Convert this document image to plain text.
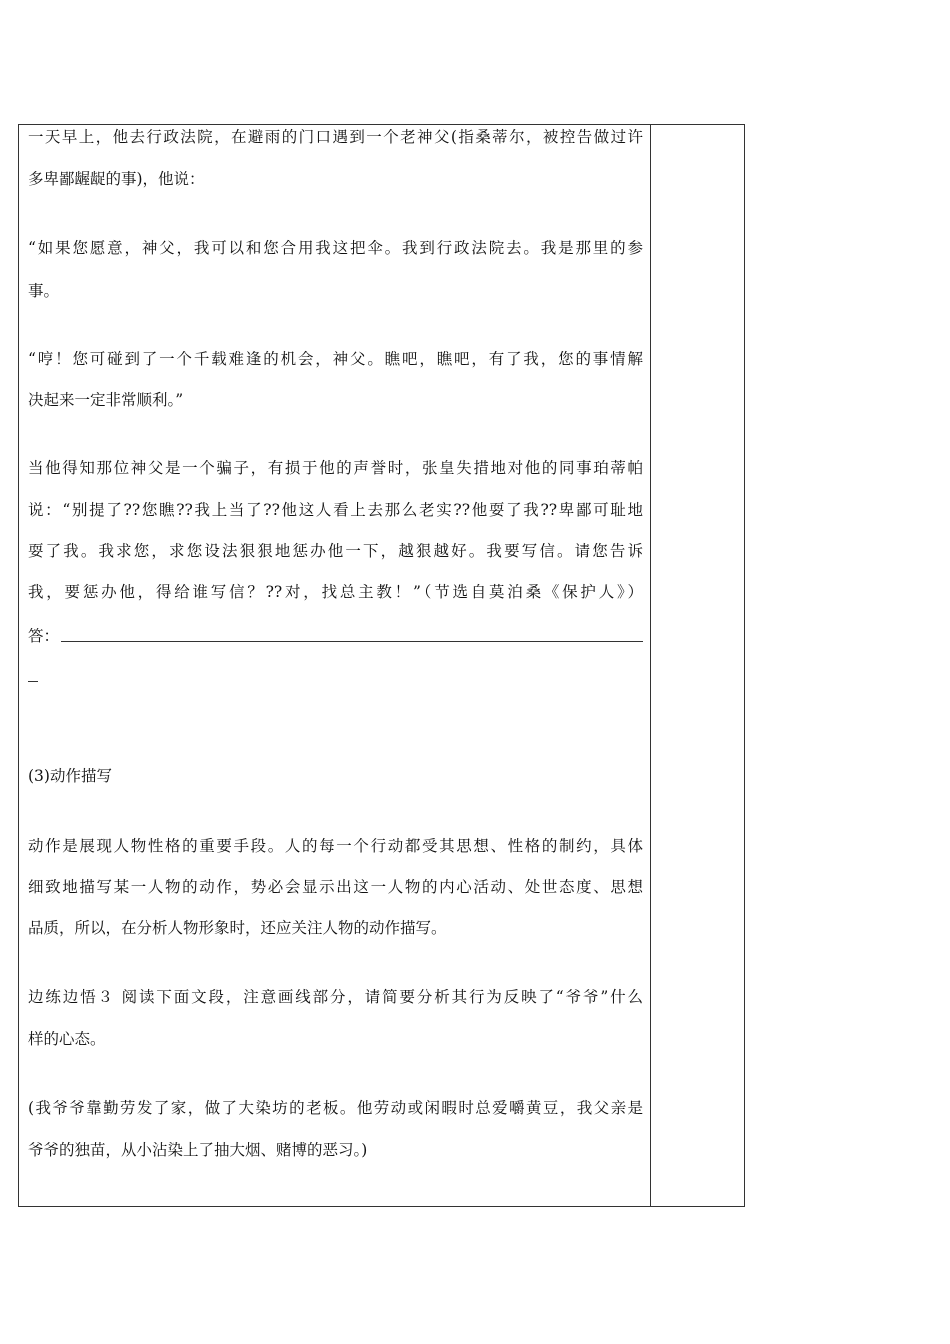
一天早上，他去行政法院，在避雨的门口遇到一个老神父(指桑蒂尔，被控告做过许
多卑鄙龌龊的事)，他说：
“如果您愿意，神父，我可以和您合用我这把伞。我到行政法院去。我是那里的参
事。
“哼！您可碰到了一个千载难逢的机会，神父。瞧吧，瞧吧，有了我，您的事情解
决起来一定非常顺利。”
当他得知那位神父是一个骗子，有损于他的声誉时，张皇失措地对他的同事珀蒂帕
说：“别提了??您瞧??我上当了??他这人看上去那么老实??他耍了我??卑鄙可耻地
耍了我。我求您，求您设法狠狠地惩办他一下，越狠越好。我要写信。请您告诉
我，要惩办他，得给谁写信？??对，找总主教！”（节选自莫泊桑《保护人》）
答：
(3)动作描写
动作是展现人物性格的重要手段。人的每一个行动都受其思想、性格的制约，具体
细致地描写某一人物的动作，势必会显示出这一人物的内心活动、处世态度、思想
品质，所以，在分析人物形象时，还应关注人物的动作描写。
边练边悟３ 阅读下面文段，注意画线部分，请简要分析其行为反映了“爷爷”什么
样的心态。
(我爷爷靠勤劳发了家，做了大染坊的老板。他劳动或闲暇时总爱嚼黄豆，我父亲是
爷爷的独苗，从小沾染上了抽大烟、赌博的恶习。)
